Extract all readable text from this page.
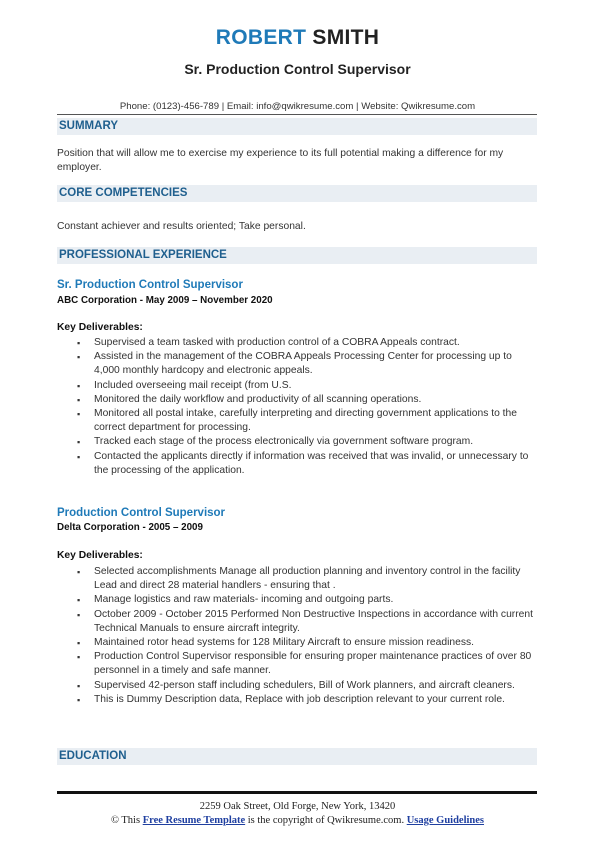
ROBERT SMITH
Sr. Production Control Supervisor
Phone: (0123)-456-789 | Email: info@qwikresume.com | Website: Qwikresume.com
SUMMARY
Position that will allow me to exercise my experience to its full potential making a difference for my employer.
CORE COMPETENCIES
Constant achiever and results oriented; Take personal.
PROFESSIONAL EXPERIENCE
Sr. Production Control Supervisor
ABC Corporation - May 2009 – November 2020
Key Deliverables:
▪ Supervised a team tasked with production control of a COBRA Appeals contract.
▪ Assisted in the management of the COBRA Appeals Processing Center for processing up to 4,000 monthly hardcopy and electronic appeals.
▪ Included overseeing mail receipt (from U.S.
▪ Monitored the daily workflow and productivity of all scanning operations.
▪ Monitored all postal intake, carefully interpreting and directing government applications to the correct department for processing.
▪ Tracked each stage of the process electronically via government software program.
▪ Contacted the applicants directly if information was received that was invalid, or unnecessary to the processing of the application.
Production Control Supervisor
Delta Corporation - 2005 – 2009
Key Deliverables:
▪ Selected accomplishments Manage all production planning and inventory control in the facility Lead and direct 28 material handlers - ensuring that .
▪ Manage logistics and raw materials- incoming and outgoing parts.
▪ October 2009 - October 2015 Performed Non Destructive Inspections in accordance with current Technical Manuals to ensure aircraft integrity.
▪ Maintained rotor head systems for 128 Military Aircraft to ensure mission readiness.
▪ Production Control Supervisor responsible for ensuring proper maintenance practices of over 80 personnel in a timely and safe manner.
▪ Supervised 42-person staff including schedulers, Bill of Work planners, and aircraft cleaners.
▪ This is Dummy Description data, Replace with job description relevant to your current role.
EDUCATION
2259 Oak Street, Old Forge, New York, 13420
© This Free Resume Template is the copyright of Qwikresume.com. Usage Guidelines
